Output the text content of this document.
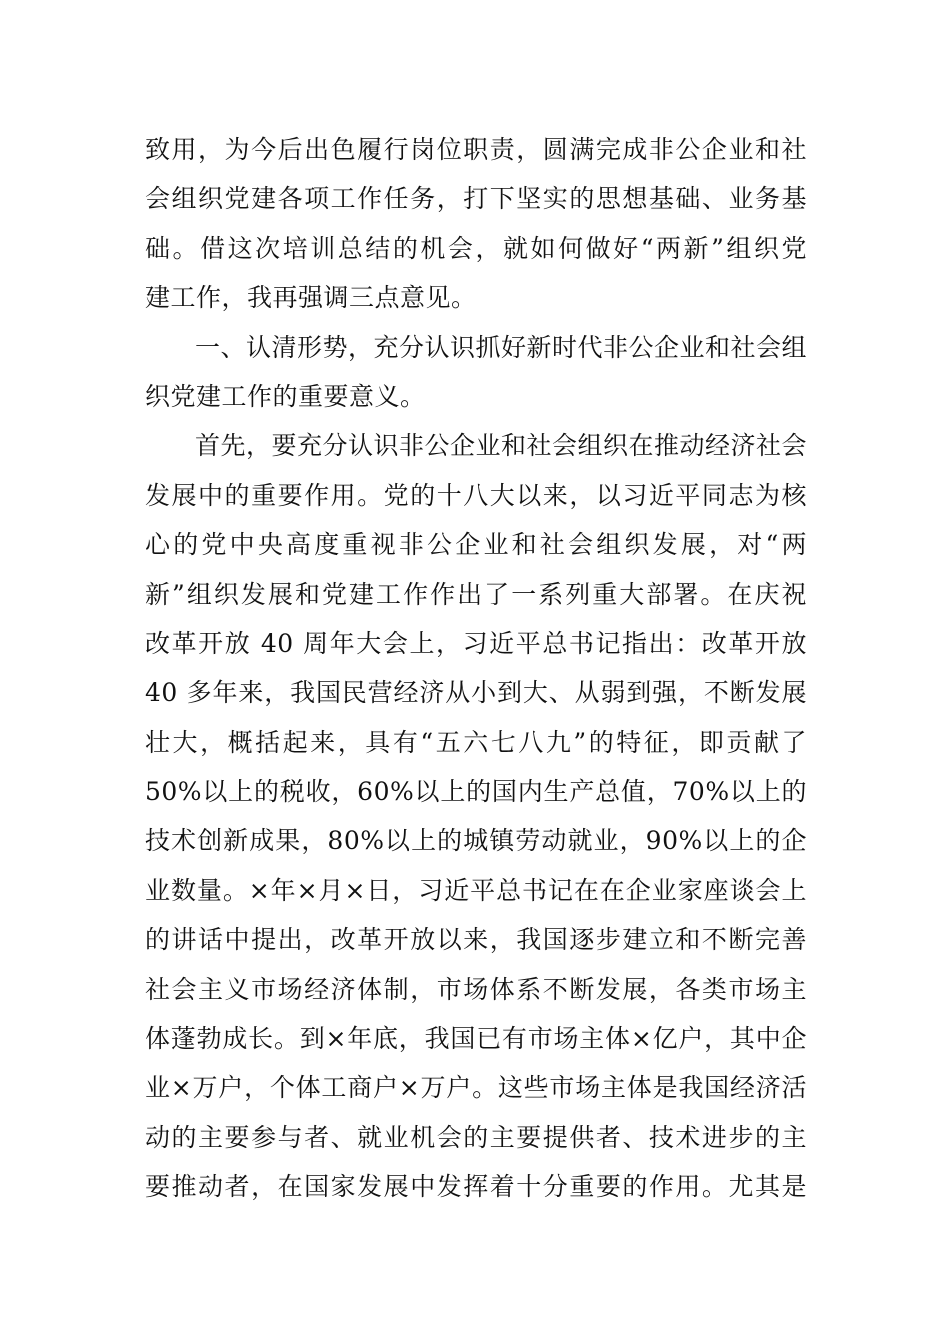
致用，为今后出色履行岗位职责，圆满完成非公企业和社
会组织党建各项工作任务，打下坚实的思想基础、业务基
础。借这次培训总结的机会，就如何做好“两新”组织党
建工作，我再强调三点意见。

一、认清形势，充分认识抓好新时代非公企业和社会组
织党建工作的重要意义。

首先，要充分认识非公企业和社会组织在推动经济社会
发展中的重要作用。党的十八大以来，以习近平同志为核
心的党中央高度重视非公企业和社会组织发展，对“两
新”组织发展和党建工作作出了一系列重大部署。在庆祝
改革开放 40 周年大会上，习近平总书记指出：改革开放
40 多年来，我国民营经济从小到大、从弱到强，不断发展
壮大，概括起来，具有“五六七八九”的特征，即贡献了
50%以上的税收，60%以上的国内生产总值，70%以上的
技术创新成果，80%以上的城镇劳动就业，90%以上的企
业数量。×年×月×日，习近平总书记在在企业家座谈会上
的讲话中提出，改革开放以来，我国逐步建立和不断完善
社会主义市场经济体制，市场体系不断发展，各类市场主
体蓬勃成长。到×年底，我国已有市场主体×亿户，其中企
业×万户，个体工商户×万户。这些市场主体是我国经济活
动的主要参与者、就业机会的主要提供者、技术进步的主
要推动者，在国家发展中发挥着十分重要的作用。尤其是
